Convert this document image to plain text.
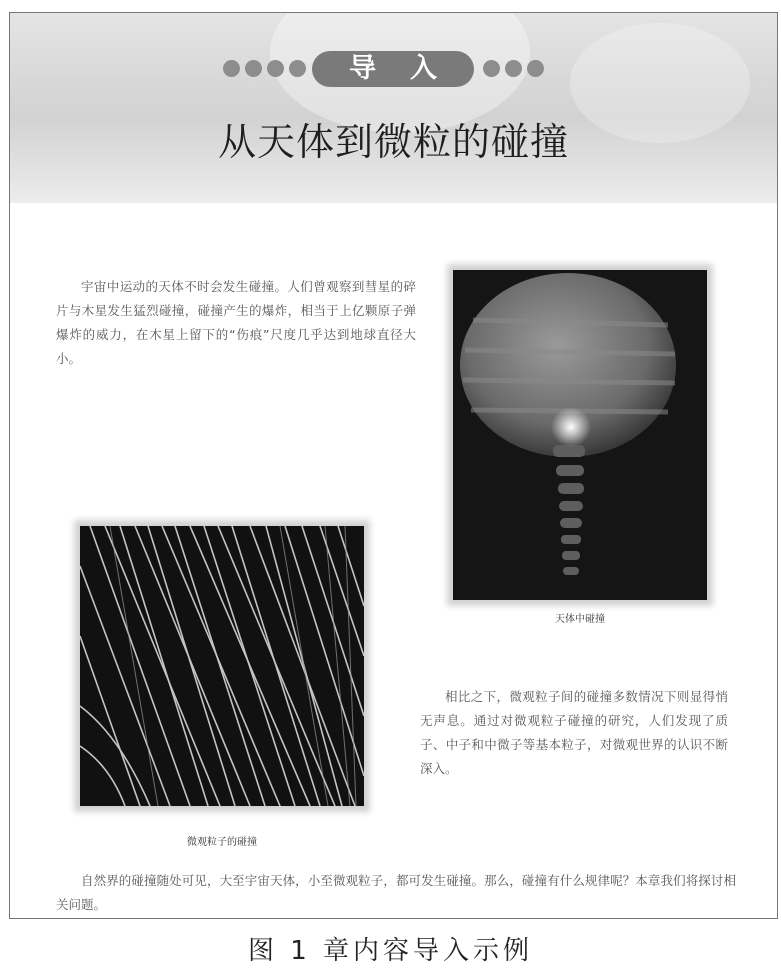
导入
从天体到微粒的碰撞

宇宙中运动的天体不时会发生碰撞。人们曾观察到彗星的碎片与木星发生猛烈碰撞，碰撞产生的爆炸，相当于上亿颗原子弹爆炸的威力，在木星上留下的“伤痕”尺度几乎达到地球直径大小。

天体中碰撞
微观粒子的碰撞

相比之下，微观粒子间的碰撞多数情况下则显得悄无声息。通过对微观粒子碰撞的研究，人们发现了质子、中子和中微子等基本粒子，对微观世界的认识不断深入。

自然界的碰撞随处可见，大至宇宙天体，小至微观粒子，都可发生碰撞。那么，碰撞有什么规律呢？本章我们将探讨相关问题。

图 1 章内容导入示例
